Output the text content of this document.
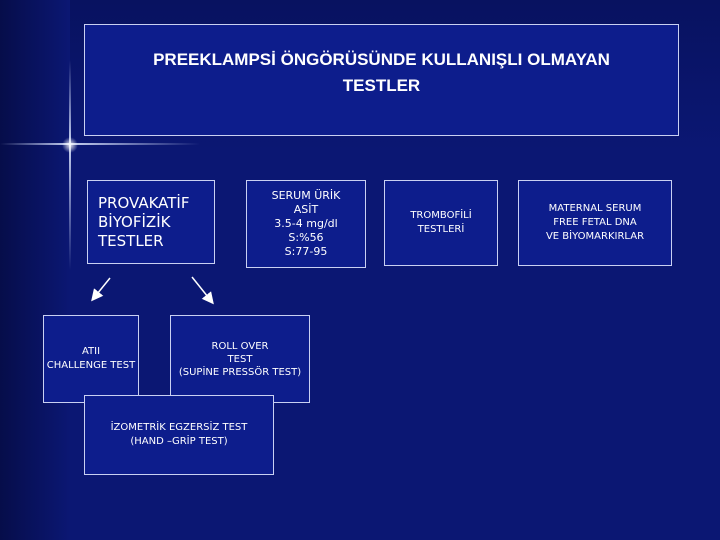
PREEKLAMPSİ ÖNGÖRÜSÜNDE KULLANIŞLI OLMAYAN
TESTLER
PROVAKATİF
BİYOFİZİK
TESTLER
SERUM ÜRİK
ASİT
3.5-4 mg/dl
S:%56
S:77-95
TROMBOFİLİ
TESTLERİ
MATERNAL SERUM
FREE FETAL DNA
VE BİYOMARKIRLAR
ATII
CHALLENGE TEST
ROLL OVER
TEST
(SUPİNE PRESSÖR TEST)
İZOMETRİK EGZERSİZ TEST
(HAND –GRİP TEST)
